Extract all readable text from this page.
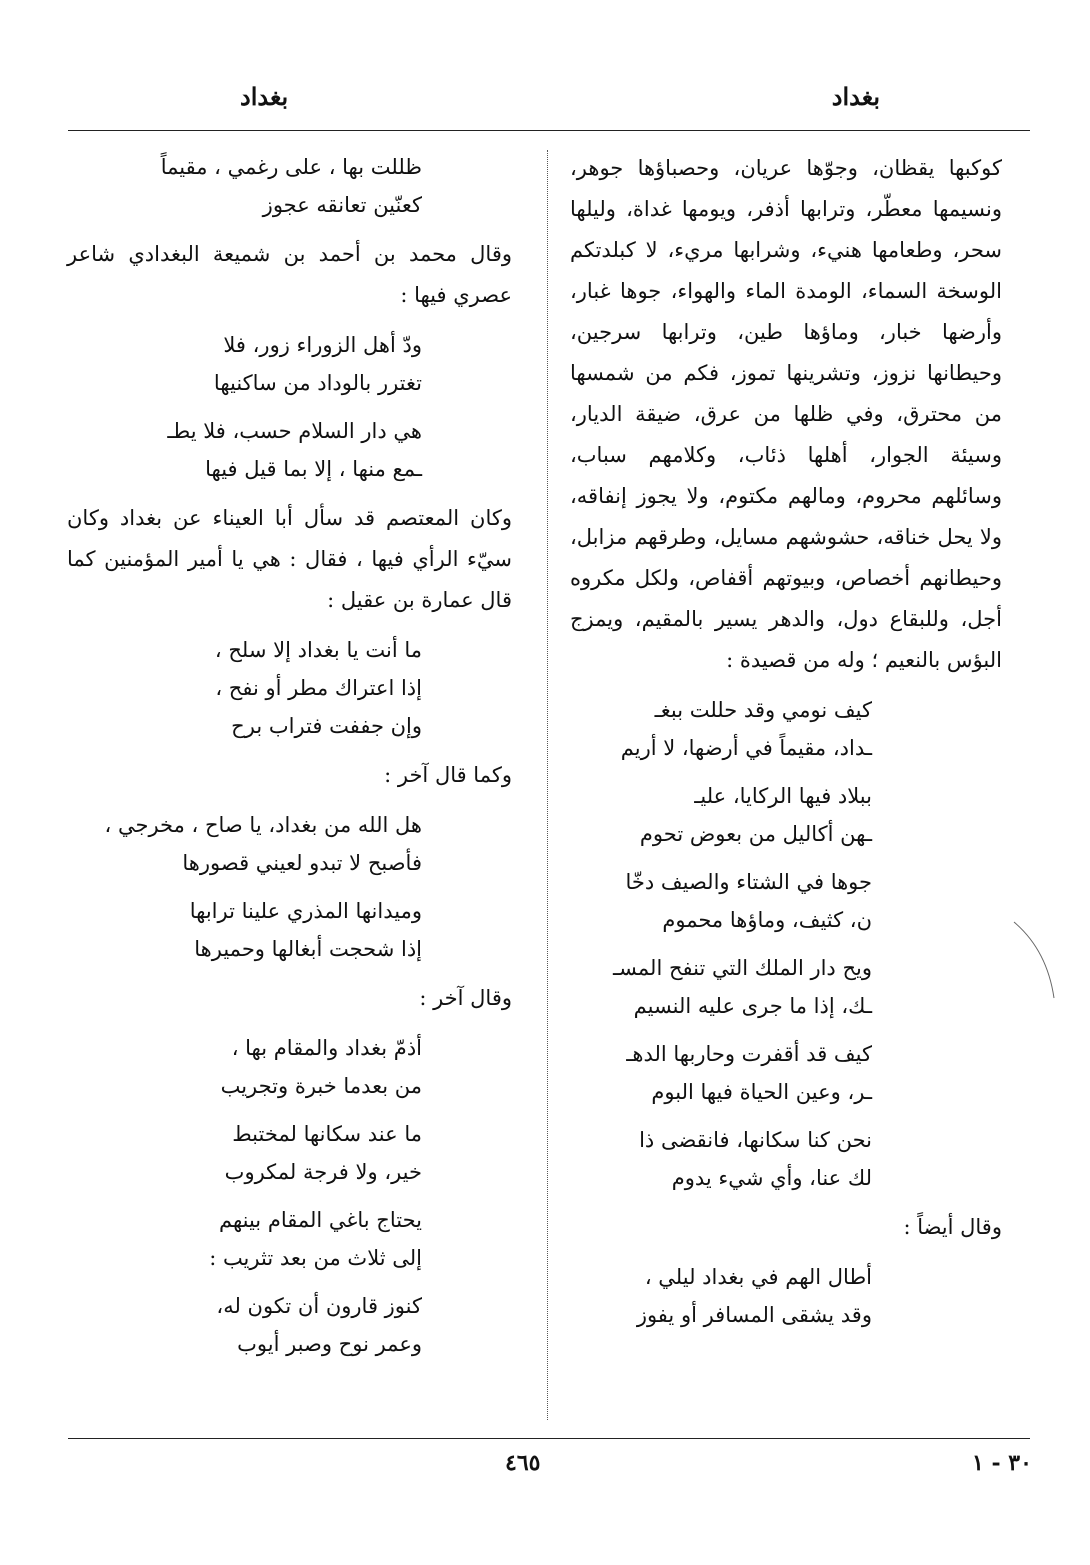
بغداد
بغداد

كوكبها يقظان، وجوّها عريان، وحصباؤها جوهر، ونسيمها معطّر، وترابها أذفر، ويومها غداة، وليلها سحر، وطعامها هنيء، وشرابها مريء، لا كبلدتكم الوسخة السماء، الومدة الماء والهواء، جوها غبار، وأرضها خبار، وماؤها طين، وترابها سرجين، وحيطانها نزوز، وتشرينها تموز، فكم من شمسها من محترق، وفي ظلها من عرق، ضيقة الديار، وسيئة الجوار، أهلها ذئاب، وكلامهم سباب، وسائلهم محروم، ومالهم مكتوم، ولا يجوز إنفاقه، ولا يحل خناقه، حشوشهم مسايل، وطرقهم مزابل، وحيطانهم أخصاص، وبيوتهم أقفاص، ولكل مكروه أجل، وللبقاع دول، والدهر يسير بالمقيم، ويمزج البؤس بالنعيم ؛ وله من قصيدة :

كيف نومي وقد حللت ببغـ
ـداد، مقيماً في أرضها، لا أريم
ببلاد فيها الركايا، عليـ
ـهن أكاليل من بعوض تحوم
جوها في الشتاء والصيف دخّا
ن، كثيف، وماؤها محموم
ويح دار الملك التي تنفح المسـ
ـك، إذا ما جرى عليه النسيم
كيف قد أقفرت وحاربها الدهـ
ـر، وعين الحياة فيها البوم
نحن كنا سكانها، فانقضى ذا
لك عنا، وأي شيء يدوم

وقال أيضاً :

أطال الهم في بغداد ليلي ،
وقد يشقى المسافر أو يفوز
ظللت بها ، على رغمي ، مقيماً
كعنّين تعانقه عجوز

وقال محمد بن أحمد بن شميعة البغدادي شاعر عصري فيها :

ودّ أهل الزوراء زور، فلا
تغترر بالوداد من ساكنيها
هي دار السلام حسب، فلا يطـ
ـمع منها ، إلا بما قيل فيها

وكان المعتصم قد سأل أبا العيناء عن بغداد وكان سيّء الرأي فيها ، فقال : هي يا أمير المؤمنين كما قال عمارة بن عقيل :

ما أنت يا بغداد إلا سلح ،
إذا اعتراك مطر أو نفح ،
وإن جففت فتراب برح

وكما قال آخر :

هل الله من بغداد، يا صاح ، مخرجي ،
فأصبح لا تبدو لعيني قصورها
وميدانها المذري علينا ترابها
إذا شحجت أبغالها وحميرها

وقال آخر :

أذمّ بغداد والمقام بها ،
من بعدما خبرة وتجريب
ما عند سكانها لمختبط
خير، ولا فرجة لمكروب
يحتاج باغي المقام بينهم
إلى ثلاث من بعد تثريب :
كنوز قارون أن تكون له،
وعمر نوح وصبر أيوب
٤٦٥	٣٠ - ١
